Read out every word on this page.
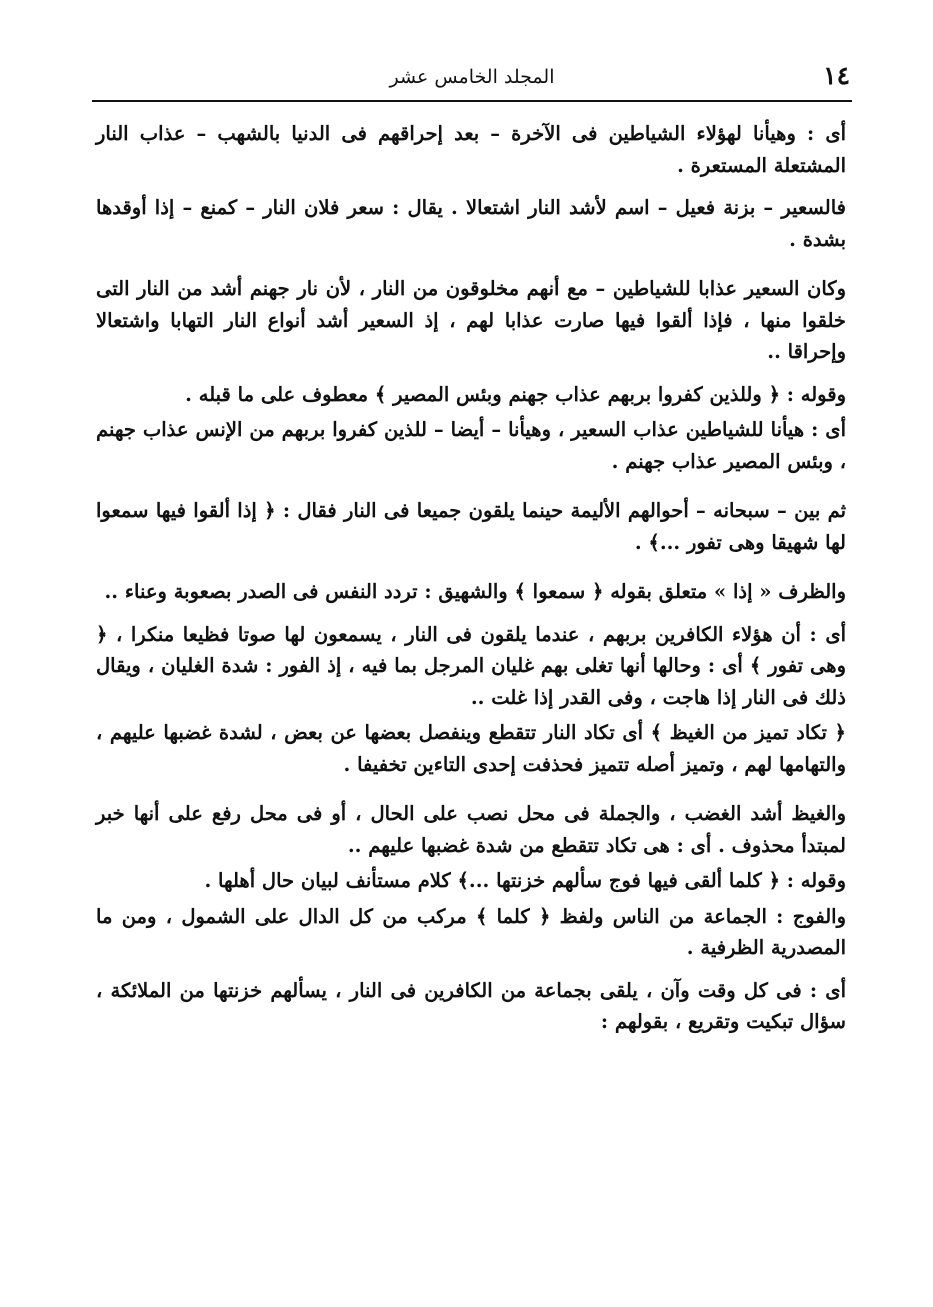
١٤
المجلد الخامس عشر

أى : وهيأنا لهؤلاء الشياطين فى الآخرة – بعد إحراقهم فى الدنيا بالشهب – عذاب النار المشتعلة المستعرة .

فالسعير – بزنة فعيل – اسم لأشد النار اشتعالا . يقال : سعر فلان النار – كمنع – إذا أوقدها بشدة .

وكان السعير عذابا للشياطين – مع أنهم مخلوقون من النار ، لأن نار جهنم أشد من النار التى خلقوا منها ، فإذا ألقوا فيها صارت عذابا لهم ، إذ السعير أشد أنواع النار التهابا واشتعالا وإحراقا ..

وقوله : ﴿ وللذين كفروا بربهم عذاب جهنم وبئس المصير ﴾ معطوف على ما قبله .

أى : هيأنا للشياطين عذاب السعير ، وهيأنا – أيضا – للذين كفروا بربهم من الإنس عذاب جهنم ، وبئس المصير عذاب جهنم .

ثم بين – سبحانه – أحوالهم الأليمة حينما يلقون جميعا فى النار فقال : ﴿ إذا ألقوا فيها سمعوا لها شهيقا وهى تفور ...﴾ .

والظرف « إذا » متعلق بقوله ﴿ سمعوا ﴾ والشهيق : تردد النفس فى الصدر بصعوبة وعناء ..

أى : أن هؤلاء الكافرين بربهم ، عندما يلقون فى النار ، يسمعون لها صوتا فظيعا منكرا ، ﴿ وهى تفور ﴾ أى : وحالها أنها تغلى بهم غليان المرجل بما فيه ، إذ الفور : شدة الغليان ، ويقال ذلك فى النار إذا هاجت ، وفى القدر إذا غلت ..

﴿ تكاد تميز من الغيظ ﴾ أى تكاد النار تتقطع وينفصل بعضها عن بعض ، لشدة غضبها عليهم ، والتهامها لهم ، وتميز أصله تتميز فحذفت إحدى التاءين تخفيفا .

والغيظ أشد الغضب ، والجملة فى محل نصب على الحال ، أو فى محل رفع على أنها خبر لمبتدأ محذوف . أى : هى تكاد تتقطع من شدة غضبها عليهم ..

وقوله : ﴿ كلما ألقى فيها فوج سألهم خزنتها ...﴾ كلام مستأنف لبيان حال أهلها .

والفوج : الجماعة من الناس ولفظ ﴿ كلما ﴾ مركب من كل الدال على الشمول ، ومن ما المصدرية الظرفية .

أى : فى كل وقت وآن ، يلقى بجماعة من الكافرين فى النار ، يسألهم خزنتها من الملائكة ، سؤال تبكيت وتقريع ، بقولهم :
